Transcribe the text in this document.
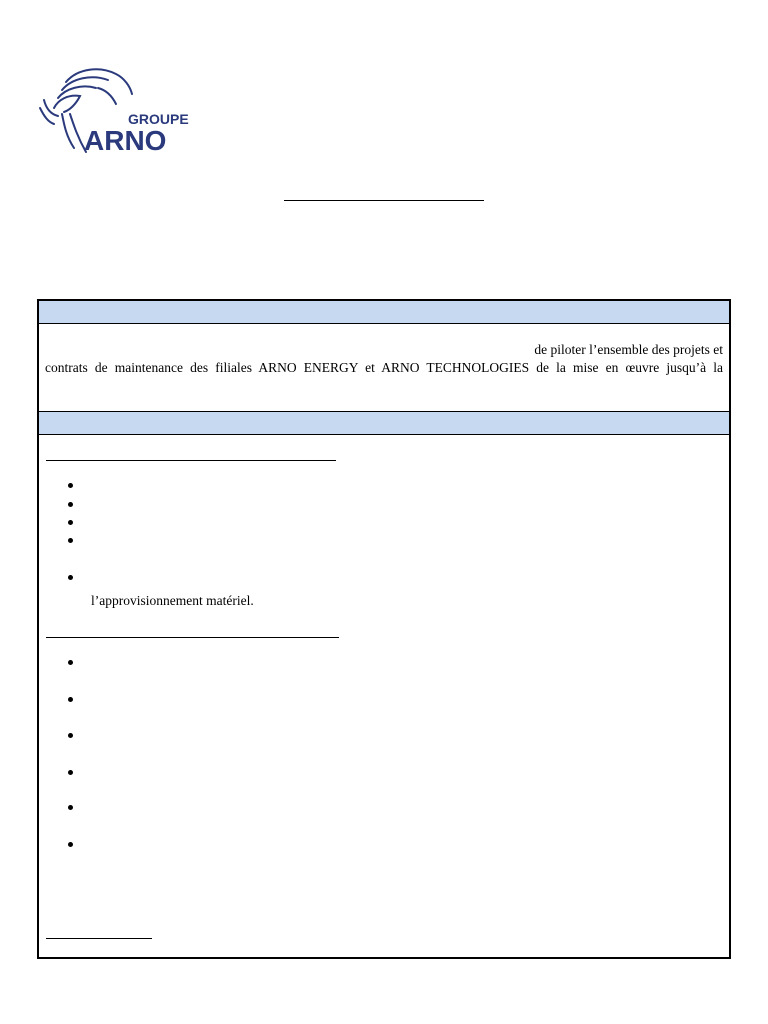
GROUPE
ARNO
de piloter l’ensemble des projets et
contrats de maintenance des filiales ARNO ENERGY et ARNO TECHNOLOGIES de la mise en œuvre jusqu’à la
l’approvisionnement matériel.
